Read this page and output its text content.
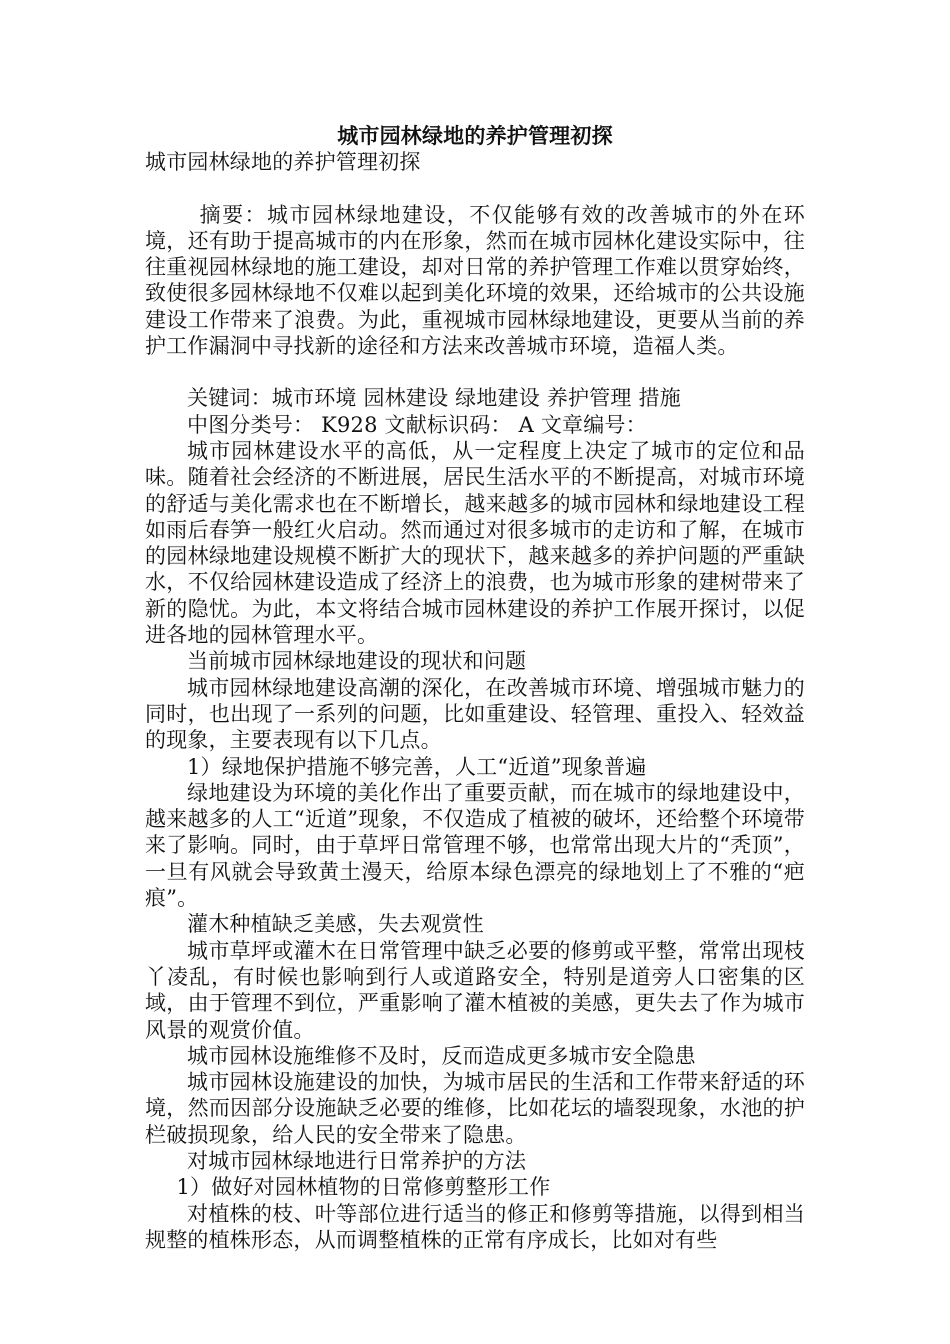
城市园林绿地的养护管理初探

城市园林绿地的养护管理初探

摘要：城市园林绿地建设，不仅能够有效的改善城市的外在环境，还有助于提高城市的内在形象，然而在城市园林化建设实际中，往往重视园林绿地的施工建设，却对日常的养护管理工作难以贯穿始终，致使很多园林绿地不仅难以起到美化环境的效果，还给城市的公共设施建设工作带来了浪费。为此，重视城市园林绿地建设，更要从当前的养护工作漏洞中寻找新的途径和方法来改善城市环境，造福人类。

关键词：城市环境 园林建设 绿地建设 养护管理 措施

中图分类号： K928 文献标识码： A 文章编号：

城市园林建设水平的高低，从一定程度上决定了城市的定位和品味。随着社会经济的不断进展，居民生活水平的不断提高，对城市环境的舒适与美化需求也在不断增长，越来越多的城市园林和绿地建设工程如雨后春笋一般红火启动。然而通过对很多城市的走访和了解，在城市的园林绿地建设规模不断扩大的现状下，越来越多的养护问题的严重缺水，不仅给园林建设造成了经济上的浪费，也为城市形象的建树带来了新的隐忧。为此，本文将结合城市园林建设的养护工作展开探讨，以促进各地的园林管理水平。

当前城市园林绿地建设的现状和问题

城市园林绿地建设高潮的深化，在改善城市环境、增强城市魅力的同时，也出现了一系列的问题，比如重建设、轻管理、重投入、轻效益的现象，主要表现有以下几点。

1）绿地保护措施不够完善，人工“近道”现象普遍

绿地建设为环境的美化作出了重要贡献，而在城市的绿地建设中，越来越多的人工“近道”现象，不仅造成了植被的破坏，还给整个环境带来了影响。同时，由于草坪日常管理不够，也常常出现大片的“秃顶”，一旦有风就会导致黄土漫天，给原本绿色漂亮的绿地划上了不雅的“疤痕”。

灌木种植缺乏美感，失去观赏性

城市草坪或灌木在日常管理中缺乏必要的修剪或平整，常常出现枝丫凌乱，有时候也影响到行人或道路安全，特别是道旁人口密集的区域，由于管理不到位，严重影响了灌木植被的美感，更失去了作为城市风景的观赏价值。

城市园林设施维修不及时，反而造成更多城市安全隐患

城市园林设施建设的加快，为城市居民的生活和工作带来舒适的环境，然而因部分设施缺乏必要的维修，比如花坛的墙裂现象，水池的护栏破损现象，给人民的安全带来了隐患。

对城市园林绿地进行日常养护的方法

1）做好对园林植物的日常修剪整形工作

对植株的枝、叶等部位进行适当的修正和修剪等措施，以得到相当规整的植株形态，从而调整植株的正常有序成长，比如对有些
